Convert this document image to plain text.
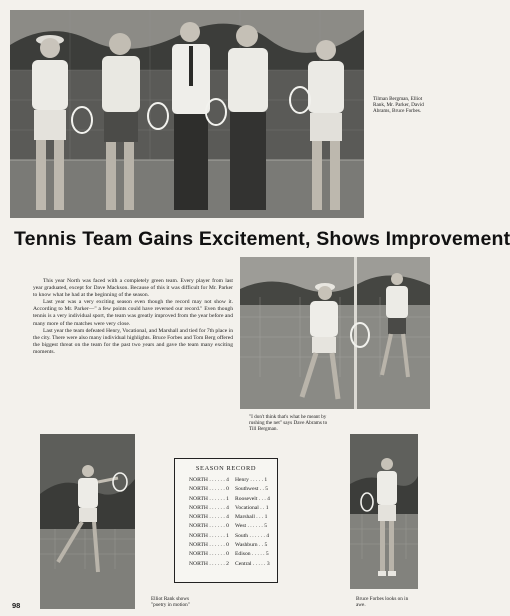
Tilman Bergman, Elliot Rank, Mr. Parker, David Abrams, Bruce Forbes.
Tennis Team Gains Excitement, Shows Improvement

This year North was faced with a completely green team. Every player from last year graduated, except for Dave Mackson. Because of this it was difficult for Mr. Parker to know what he had at the beginning of the season.

Last year was a very exciting season even though the record may not show it. According to Mr. Parker—" a few points could have reversed our record." Even though tennis is a very individual sport, the team was greatly improved from the year before and many more of the matches were very close.

Last year the team defeated Henry, Vocational, and Marshall and tied for 7th place in the city. There were also many individual highlights. Bruce Forbes and Tom Berg offered the biggest threat on the team for the past two years and gave the team many exciting moments.

"I don't think that's what he meant by rushing the net" says Dave Abrams to Till Bergman.
Elliot Rank shows "poetry in motion"
SEASON RECORD
NORTH . . . . . . 4	Henry . . . . . 1
NORTH . . . . . . 0	Southwest . . 5
NORTH . . . . . . 1	Roosevelt . . . 4
NORTH . . . . . . 4	Vocational . . 1
NORTH . . . . . . 4	Marshall . . . 1
NORTH . . . . . . 0	West . . . . . . 5
NORTH . . . . . . 1	South . . . . . . 4
NORTH . . . . . . 0	Washburn . . 5
NORTH . . . . . . 0	Edison . . . . . 5
NORTH . . . . . . 2	Central . . . . . 3
Bruce Forbes looks on in awe.
98
